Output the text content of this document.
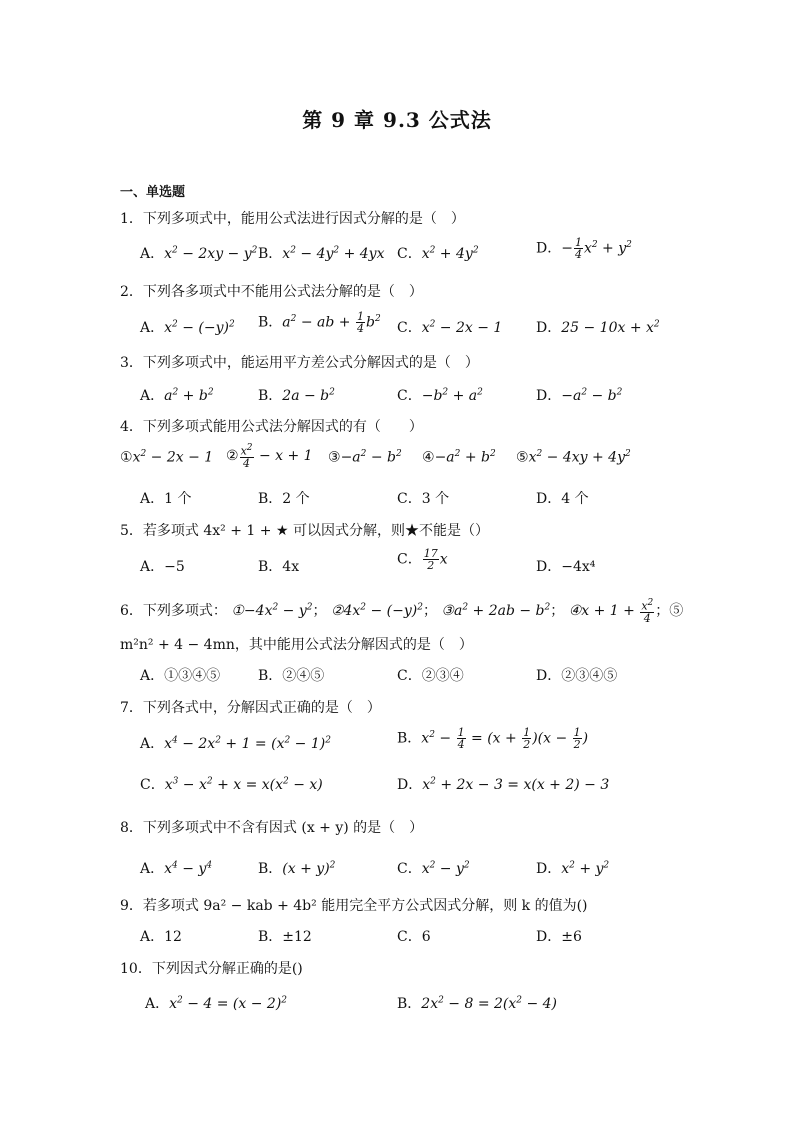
第 9 章 9.3 公式法
一、单选题
1．下列多项式中，能用公式法进行因式分解的是（　）
A．$x^2 - 2xy - y^2$ B．$x^2 - 4y^2 + 4yx$ C．$x^2 + 4y^2$	D．− $\frac{1}{4} x^2 + y^2$
2．下列各多项式中不能用公式法分解的是（　）
A．$x^2 - (-y)^2$ B．$a^2$ − ab + $\frac{1}{4} b^2$
C．$x^2 - 2x - 1$ D．$25 - 10x + x^2$
3．下列多项式中，能运用平方差公式分解因式的是（　）
A．$a^2 + b^2$	B．$2a - b^2$	C．$-b^2 + a^2$	D．$-a^2 - b^2$
4．下列多项式能用公式法分解因式的有（　　）
$①x^2 - 2x - 1$ ② $\frac{x^2}{4} - x + 1$ $③-a^2 - b^2$ $④-a^2 + b^2$ $⑤x^2 - 4xy + 4y^2$
A．1 个	B．2 个	C．3 个	D．4 个
5．若多项式 4x² + 1 + ★ 可以因式分解，则★不能是（）
A．−5	B．4x	C． $\frac{17}{2}$ x	D．−4x⁴
6．下列多项式： $①-4x^2 - y^2$； $②4x^2 - (-y)^2$； $③a^2 + 2ab - b^2$； ④x + $1 + \frac{x^2}{4}$ ；⑤
m²n² + 4 − 4mn，其中能用公式法分解因式的是（　）
A．①③④⑤	B．②④⑤	C．②③④	D．②③④⑤
7．下列各式中，分解因式正确的是（　）
A．$x^4 - 2x^2 + 1 = (x^2 - 1)^2$	B．$x^2 - \frac{1}{4} = (x + \frac{1}{2} )(x - \frac{1}{2}$ )
C．$x^3 - x^2 + x = x(x^2 - x)$	D．$x^2 + 2x - 3 = x(x + 2) - 3$
8．下列多项式中不含有因式 (x + y) 的是（　）
A．$x^4 - y^4$	B．$(x + y)^2$	C．$x^2 - y^2$	D．$x^2 + y^2$
9．若多项式 9a² − kab + 4b² 能用完全平方公式因式分解，则 k 的值为()
A．12	B．±12	C．6	D．±6
10．下列因式分解正确的是()
A．$x^2 - 4 = (x - 2)^2$	B．$2x^2 - 8 = 2(x^2 - 4)$
